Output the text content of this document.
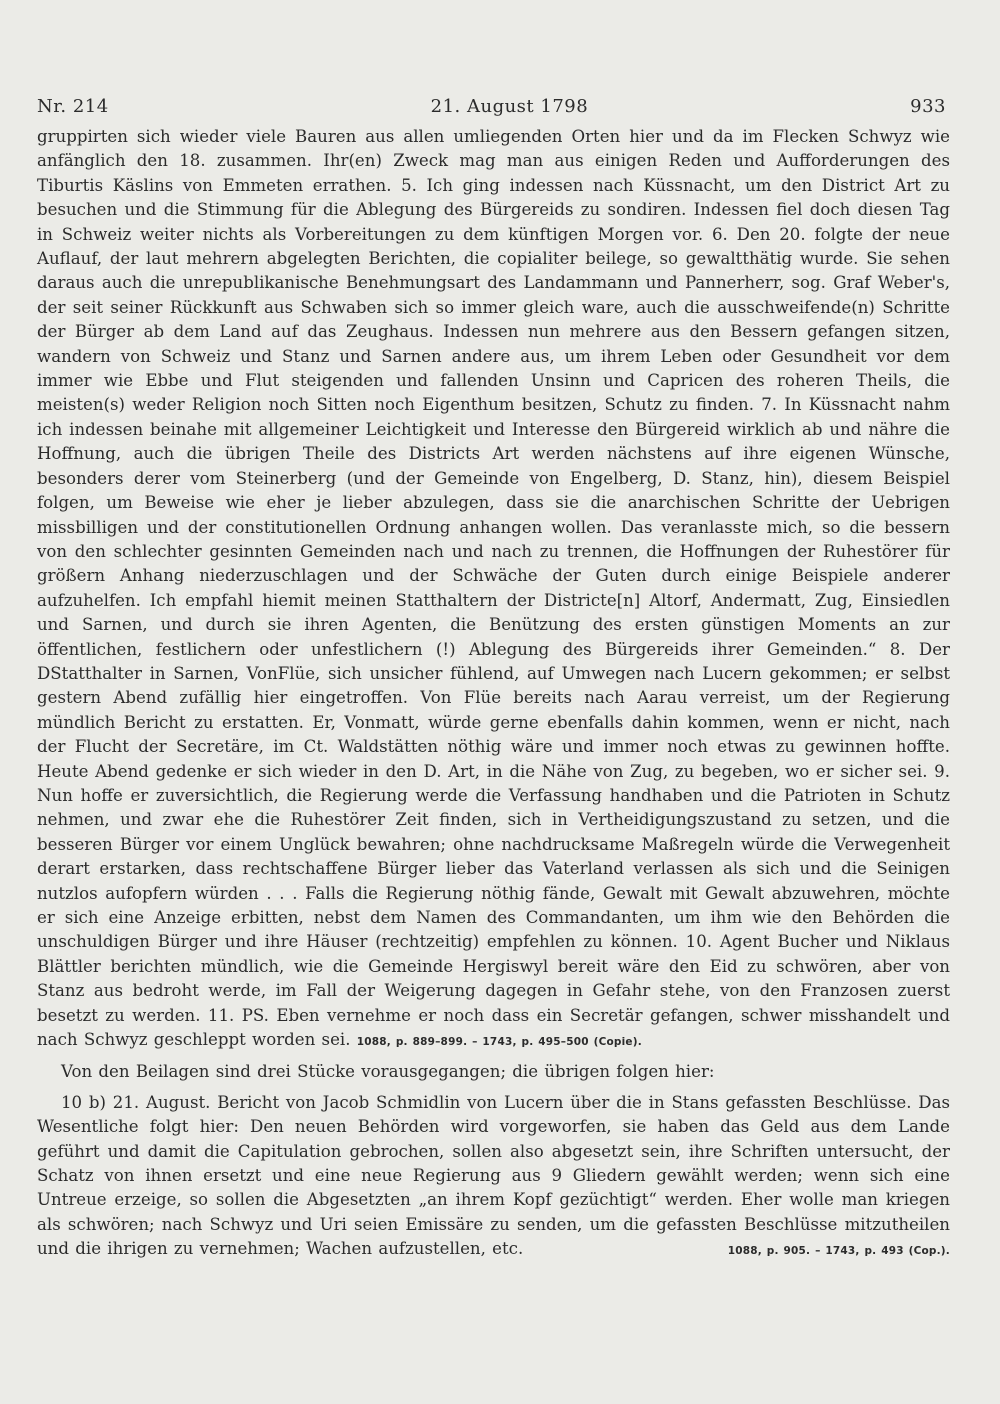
Nr. 214	21. August 1798	933

gruppirten sich wieder viele Bauren aus allen umliegenden Orten hier und da im Flecken Schwyz wie anfänglich den 18. zusammen. Ihr(en) Zweck mag man aus einigen Reden und Aufforderungen des Tiburtis Käslins von Emmeten errathen. 5. Ich ging indessen nach Küssnacht, um den District Art zu besuchen und die Stimmung für die Ablegung des Bürgereids zu sondiren. Indessen fiel doch diesen Tag in Schweiz weiter nichts als Vorbereitungen zu dem künftigen Morgen vor. 6. Den 20. folgte der neue Auflauf, der laut mehrern abgelegten Berichten, die copialiter beilege, so gewaltthätig wurde. Sie sehen daraus auch die unrepublikanische Benehmungsart des Landammann und Pannerherr, sog. Graf Weber's, der seit seiner Rückkunft aus Schwaben sich so immer gleich ware, auch die ausschweifende(n) Schritte der Bürger ab dem Land auf das Zeughaus. Indessen nun mehrere aus den Bessern gefangen sitzen, wandern von Schweiz und Stanz und Sarnen andere aus, um ihrem Leben oder Gesundheit vor dem immer wie Ebbe und Flut steigenden und fallenden Unsinn und Capricen des roheren Theils, die meisten(s) weder Religion noch Sitten noch Eigenthum besitzen, Schutz zu finden. 7. In Küssnacht nahm ich indessen beinahe mit allgemeiner Leichtigkeit und Interesse den Bürgereid wirklich ab und nähre die Hoffnung, auch die übrigen Theile des Districts Art werden nächstens auf ihre eigenen Wünsche, besonders derer vom Steinerberg (und der Gemeinde von Engelberg, D. Stanz, hin), diesem Beispiel folgen, um Beweise wie eher je lieber abzulegen, dass sie die anarchischen Schritte der Uebrigen missbilligen und der constitutionellen Ordnung anhangen wollen. Das veranlasste mich, so die bessern von den schlechter gesinnten Gemeinden nach und nach zu trennen, die Hoffnungen der Ruhestörer für größern Anhang niederzuschlagen und der Schwäche der Guten durch einige Beispiele anderer aufzuhelfen. Ich empfahl hiemit meinen Statthaltern der Districte[n] Altorf, Andermatt, Zug, Einsiedlen und Sarnen, und durch sie ihren Agenten, die Benützung des ersten günstigen Moments an zur öffentlichen, festlichern oder unfestlichern (!) Ablegung des Bürgereids ihrer Gemeinden.“ 8. Der DStatthalter in Sarnen, VonFlüe, sich unsicher fühlend, auf Umwegen nach Lucern gekommen; er selbst gestern Abend zufällig hier eingetroffen. Von Flüe bereits nach Aarau verreist, um der Regierung mündlich Bericht zu erstatten. Er, Vonmatt, würde gerne ebenfalls dahin kommen, wenn er nicht, nach der Flucht der Secretäre, im Ct. Waldstätten nöthig wäre und immer noch etwas zu gewinnen hoffte. Heute Abend gedenke er sich wieder in den D. Art, in die Nähe von Zug, zu begeben, wo er sicher sei. 9. Nun hoffe er zuversichtlich, die Regierung werde die Verfassung handhaben und die Patrioten in Schutz nehmen, und zwar ehe die Ruhestörer Zeit finden, sich in Vertheidigungszustand zu setzen, und die besseren Bürger vor einem Unglück bewahren; ohne nachdrucksame Maßregeln würde die Verwegenheit derart erstarken, dass rechtschaffene Bürger lieber das Vaterland verlassen als sich und die Seinigen nutzlos aufopfern würden . . . Falls die Regierung nöthig fände, Gewalt mit Gewalt abzuwehren, möchte er sich eine Anzeige erbitten, nebst dem Namen des Commandanten, um ihm wie den Behörden die unschuldigen Bürger und ihre Häuser (rechtzeitig) empfehlen zu können. 10. Agent Bucher und Niklaus Blättler berichten mündlich, wie die Gemeinde Hergiswyl bereit wäre den Eid zu schwören, aber von Stanz aus bedroht werde, im Fall der Weigerung dagegen in Gefahr stehe, von den Franzosen zuerst besetzt zu werden. 11. PS. Eben vernehme er noch dass ein Secretär gefangen, schwer misshandelt und nach Schwyz geschleppt worden sei. 1088, p. 889–899. – 1743, p. 495–500 (Copie).

Von den Beilagen sind drei Stücke vorausgegangen; die übrigen folgen hier:

10 b) 21. August. Bericht von Jacob Schmidlin von Lucern über die in Stans gefassten Beschlüsse. Das Wesentliche folgt hier: Den neuen Behörden wird vorgeworfen, sie haben das Geld aus dem Lande geführt und damit die Capitulation gebrochen, sollen also abgesetzt sein, ihre Schriften untersucht, der Schatz von ihnen ersetzt und eine neue Regierung aus 9 Gliedern gewählt werden; wenn sich eine Untreue erzeige, so sollen die Abgesetzten „an ihrem Kopf gezüchtigt“ werden. Eher wolle man kriegen als schwören; nach Schwyz und Uri seien Emissäre zu senden, um die gefassten Beschlüsse mitzutheilen und die ihrigen zu vernehmen; Wachen aufzustellen, etc.	1088, p. 905. – 1743, p. 493 (Cop.).
